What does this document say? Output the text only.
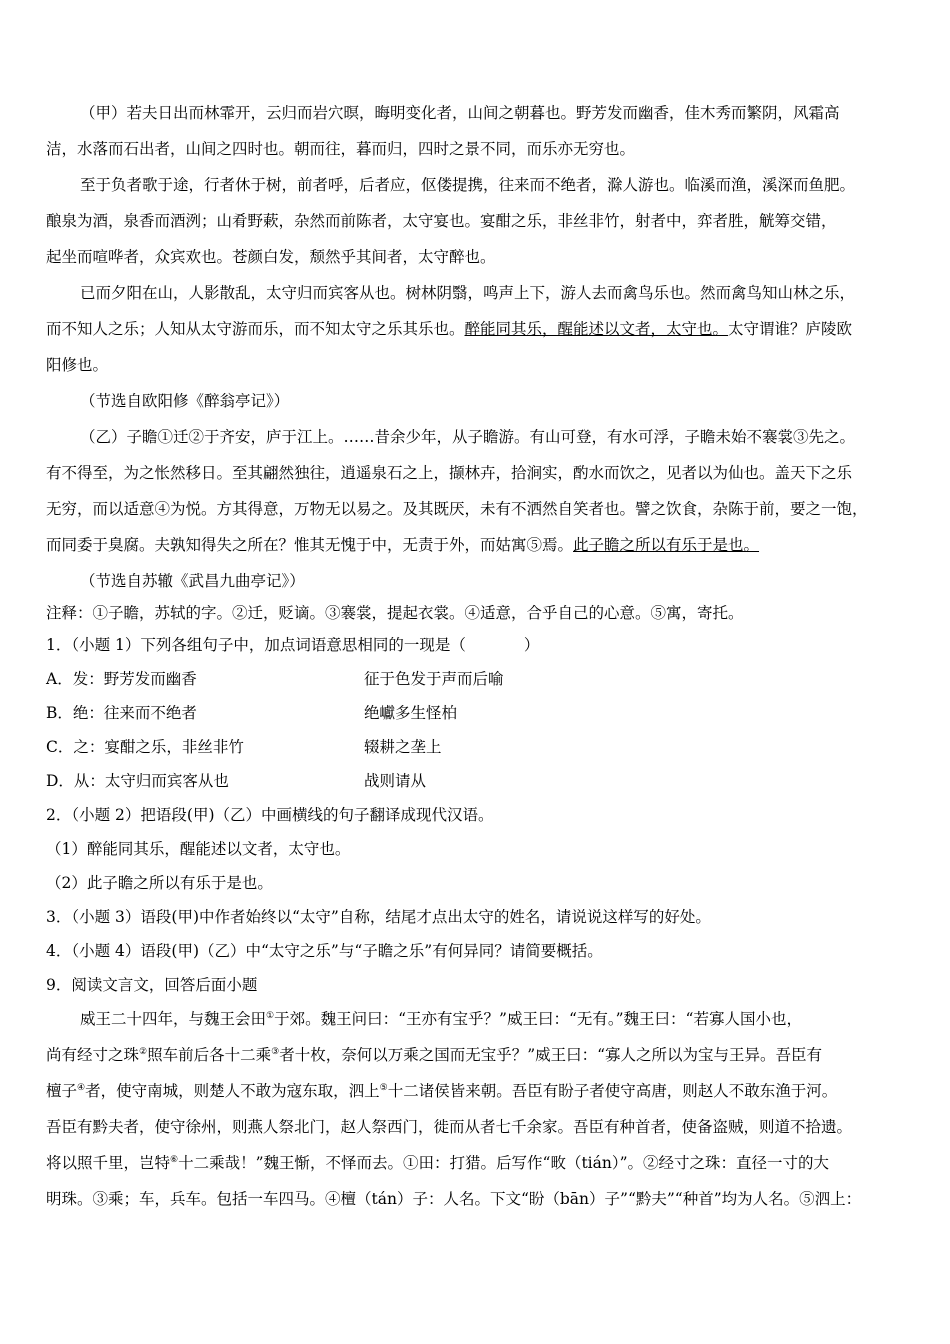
（甲）若夫日出而林霏开，云归而岩穴暝，晦明变化者，山间之朝暮也。野芳发而幽香，佳木秀而繁阴，风霜高
洁，水落而石出者，山间之四时也。朝而往，暮而归，四时之景不同，而乐亦无穷也。
至于负者歌于途，行者休于树，前者呼，后者应，伛偻提携，往来而不绝者，滁人游也。临溪而渔，溪深而鱼肥。
酿泉为酒，泉香而酒洌；山肴野蔌，杂然而前陈者，太守宴也。宴酣之乐，非丝非竹，射者中，弈者胜，觥筹交错，
起坐而喧哗者，众宾欢也。苍颜白发，颓然乎其间者，太守醉也。
已而夕阳在山，人影散乱，太守归而宾客从也。树林阴翳，鸣声上下，游人去而禽鸟乐也。然而禽鸟知山林之乐，
而不知人之乐；人知从太守游而乐，而不知太守之乐其乐也。醉能同其乐，醒能述以文者，太守也。太守谓谁？庐陵欧
阳修也。
（节选自欧阳修《醉翁亭记》）
（乙）子瞻①迁②于齐安，庐于江上。……昔余少年，从子瞻游。有山可登，有水可浮，子瞻未始不褰裳③先之。
有不得至，为之怅然移日。至其翩然独往，逍遥泉石之上，撷林卉，拾涧实，酌水而饮之，见者以为仙也。盖天下之乐
无穷，而以适意④为悦。方其得意，万物无以易之。及其既厌，未有不洒然自笑者也。譬之饮食，杂陈于前，要之一饱，
而同委于臭腐。夫孰知得失之所在？惟其无愧于中，无责于外，而姑寓⑤焉。此子瞻之所以有乐于是也。
（节选自苏辙《武昌九曲亭记》）
注释：①子瞻，苏轼的字。②迁，贬谪。③褰裳，提起衣裳。④适意，合乎自己的心意。⑤寓，寄托。
1．（小题 1）下列各组句子中，加点词语意思相同的一现是（	）
A．发：野芳发而幽香	征于色发于声而后喻
B．绝：往来而不绝者	绝巘多生怪柏
C．之：宴酣之乐，非丝非竹	辍耕之垄上
D．从：太守归而宾客从也	战则请从
2．（小题 2）把语段(甲)（乙）中画横线的句子翻译成现代汉语。
（1）醉能同其乐，醒能述以文者，太守也。
（2）此子瞻之所以有乐于是也。
3．（小题 3）语段(甲)中作者始终以“太守”自称，结尾才点出太守的姓名，请说说这样写的好处。
4．（小题 4）语段(甲)（乙）中“太守之乐”与“子瞻之乐”有何异同？请简要概括。
9．阅读文言文，回答后面小题
威王二十四年，与魏王会田①于郊。魏王问曰：“王亦有宝乎？”威王曰：“无有。”魏王曰：“若寡人国小也，
尚有经寸之珠②照车前后各十二乘③者十枚，奈何以万乘之国而无宝乎？”威王曰：“寡人之所以为宝与王异。吾臣有
檀子④者，使守南城，则楚人不敢为寇东取，泗上⑤十二诸侯皆来朝。吾臣有盼子者使守高唐，则赵人不敢东渔于河。
吾臣有黔夫者，使守徐州，则燕人祭北门，赵人祭西门，徙而从者七千余家。吾臣有种首者，使备盗贼，则道不拾遗。
将以照千里，岂特⑥十二乘哉！”魏王惭，不怿而去。①田：打猎。后写作“畋（tián）”。②经寸之珠：直径一寸的大
明珠。③乘；车，兵车。包括一车四马。④檀（tán）子：人名。下文“盼（bān）子”“黔夫”“种首”均为人名。⑤泗上：
